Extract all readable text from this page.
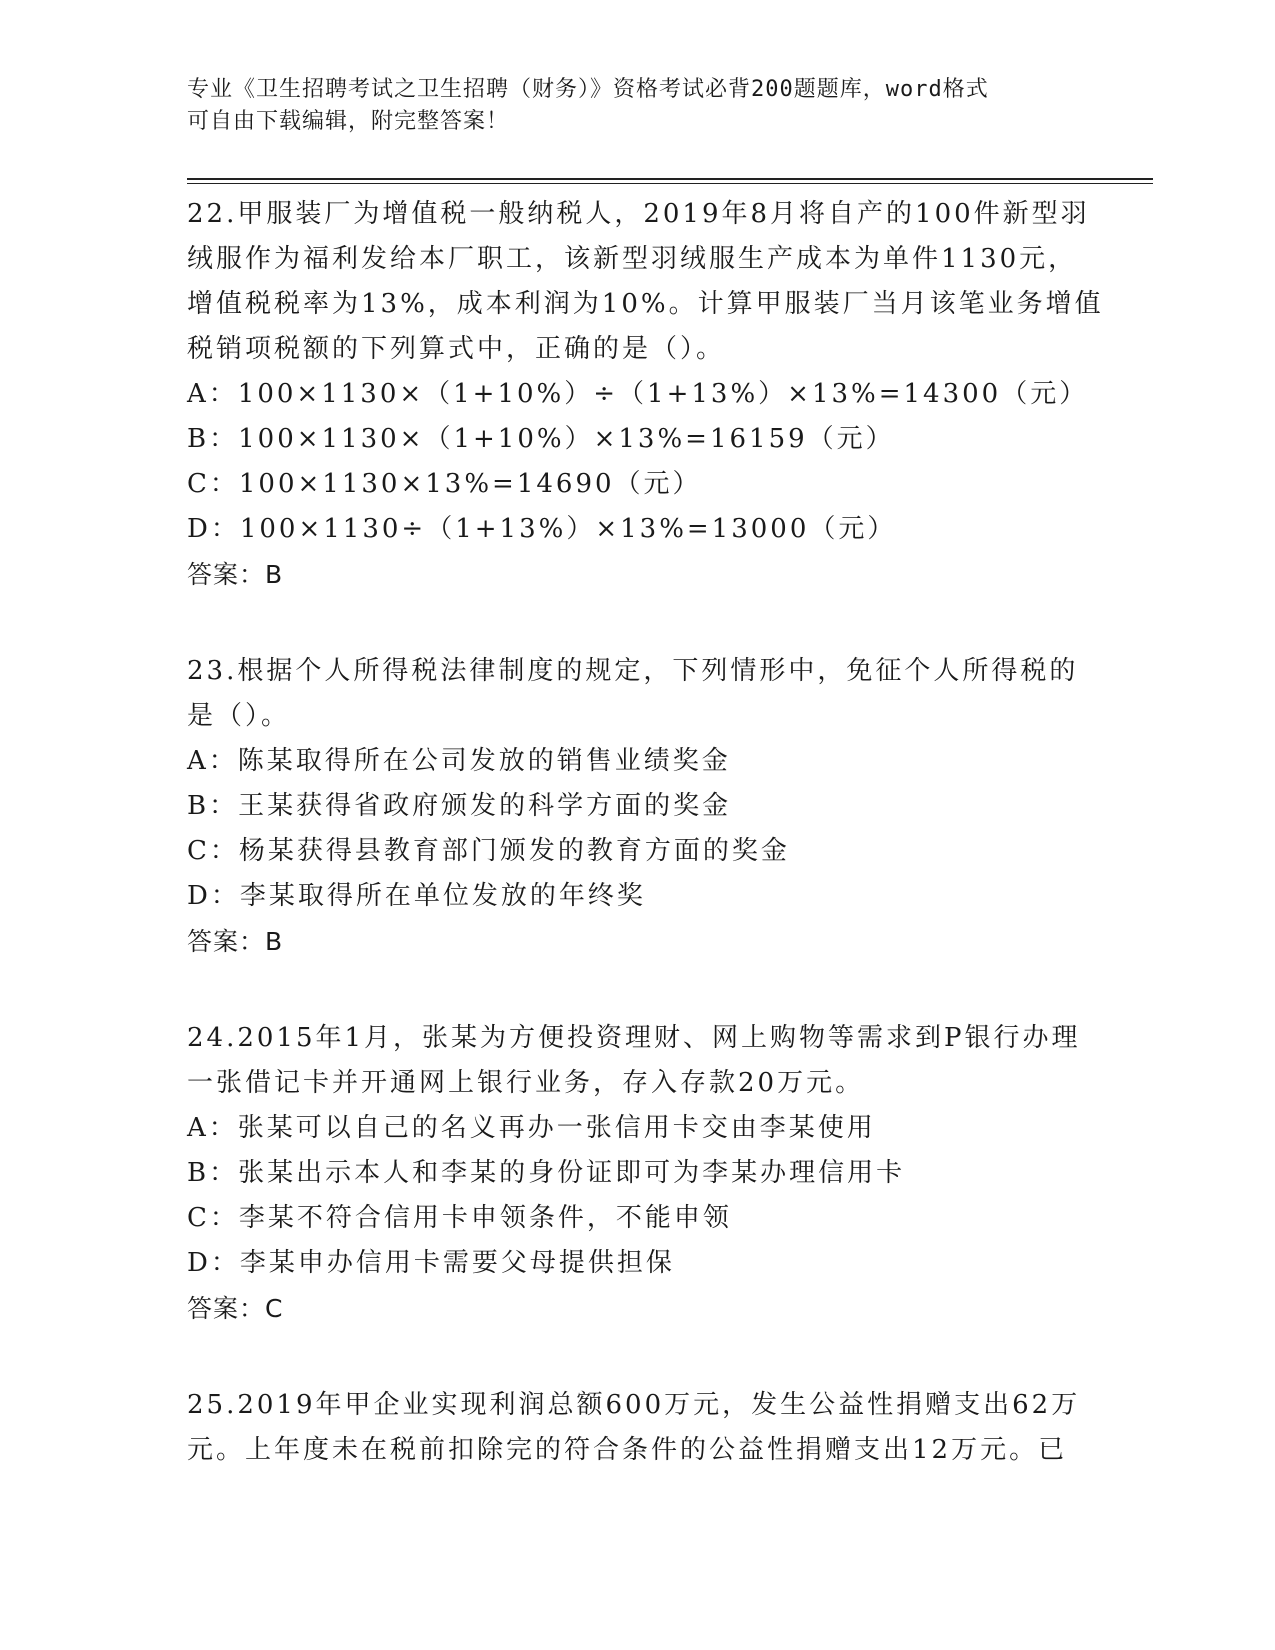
专业《卫生招聘考试之卫生招聘（财务）》资格考试必背200题题库，word格式
可自由下载编辑，附完整答案！
22.甲服装厂为增值税一般纳税人，2019年8月将自产的100件新型羽
绒服作为福利发给本厂职工，该新型羽绒服生产成本为单件1130元，
增值税税率为13%，成本利润为10%。计算甲服装厂当月该笔业务增值
税销项税额的下列算式中，正确的是（）。
A：100×1130×（1+10%）÷（1+13%）×13%=14300（元）
B：100×1130×（1+10%）×13%=16159（元）
C：100×1130×13%=14690（元）
D：100×1130÷（1+13%）×13%=13000（元）
答案：B
23.根据个人所得税法律制度的规定，下列情形中，免征个人所得税的
是（）。
A：陈某取得所在公司发放的销售业绩奖金
B：王某获得省政府颁发的科学方面的奖金
C：杨某获得县教育部门颁发的教育方面的奖金
D：李某取得所在单位发放的年终奖
答案：B
24.2015年1月，张某为方便投资理财、网上购物等需求到P银行办理
一张借记卡并开通网上银行业务，存入存款20万元。
A：张某可以自己的名义再办一张信用卡交由李某使用
B：张某出示本人和李某的身份证即可为李某办理信用卡
C：李某不符合信用卡申领条件，不能申领
D：李某申办信用卡需要父母提供担保
答案：C
25.2019年甲企业实现利润总额600万元，发生公益性捐赠支出62万
元。上年度未在税前扣除完的符合条件的公益性捐赠支出12万元。已
